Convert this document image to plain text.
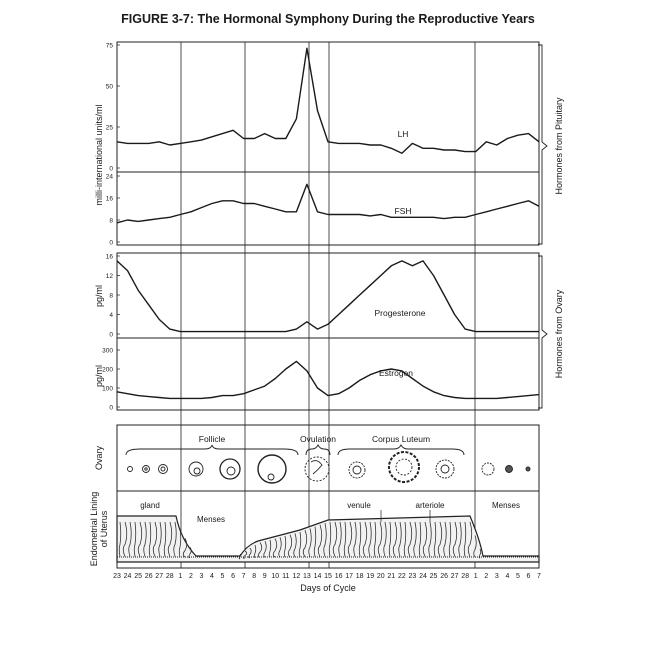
FIGURE 3-7: The Hormonal Symphony During the Reproductive Years
75
50
25
0
24
16
8
0
16
12
8
4
0
300
200
100
0
LH
FSH
Progesterone
Estrogen
milli-international units/ml
pg/ml
pg/ml
Ovary
Endometrial Lining of Uterus
Hormones from Pituitary
Hormones from Ovary
Follicle	Ovulation	Corpus Luteum
gland
Menses
venule	arteriole	Menses
23 24 25 26 27 28 1 2 3 4 5 6 7 8 9 10 11 12 13 14 15 16 17 18 19 20 21 22 23 24 25 26 27 28 1 2 3 4 5 6 7
Days of Cycle
